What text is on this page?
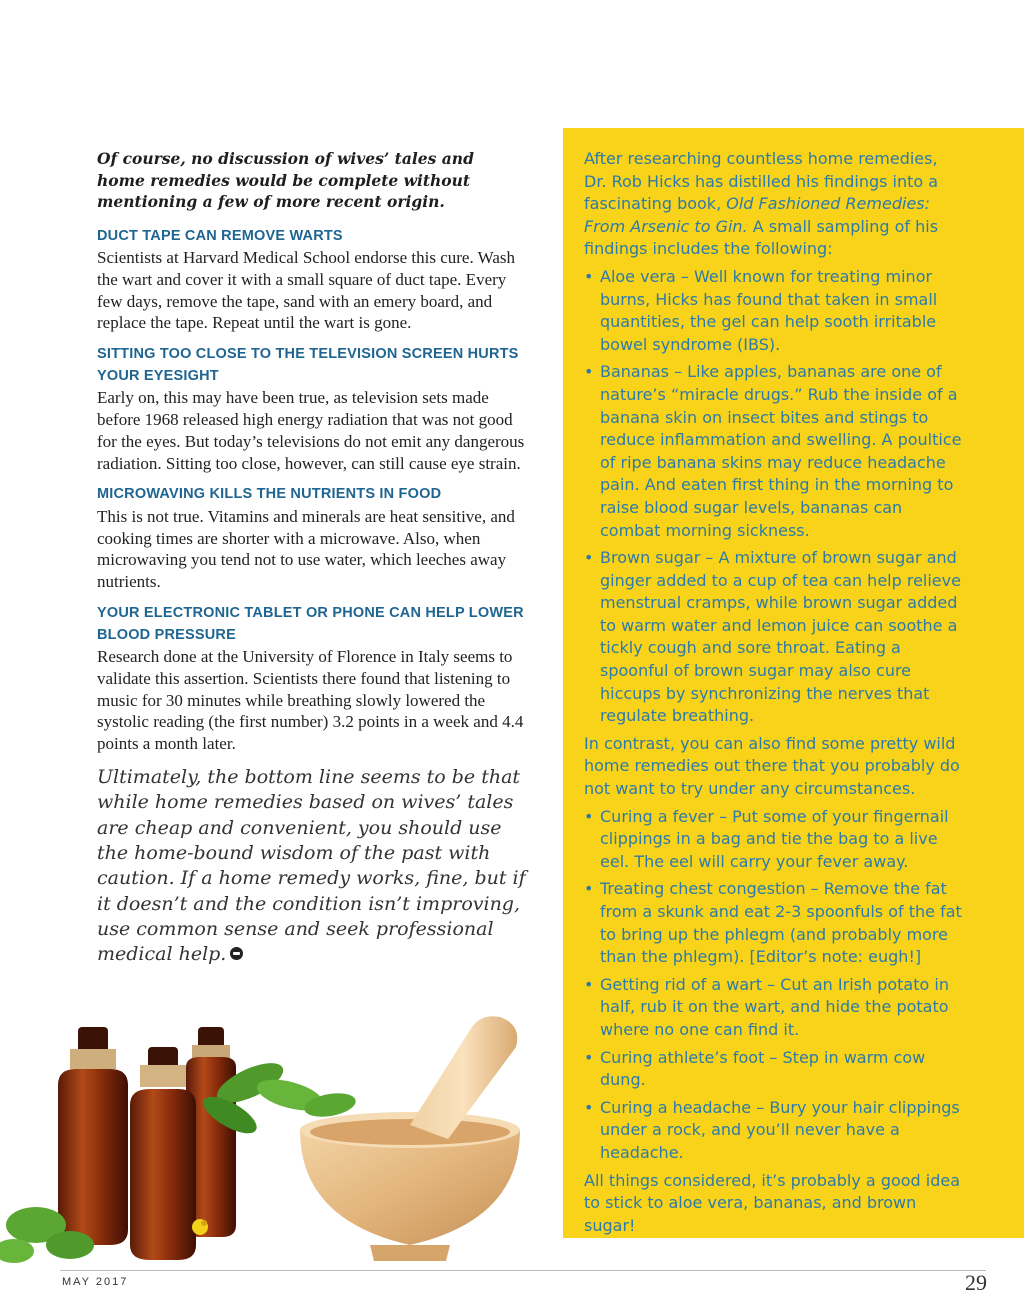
Of course, no discussion of wives’ tales and home remedies would be complete without mentioning a few of more recent origin.

DUCT TAPE CAN REMOVE WARTS

Scientists at Harvard Medical School endorse this cure. Wash the wart and cover it with a small square of duct tape. Every few days, remove the tape, sand with an emery board, and replace the tape. Repeat until the wart is gone.

SITTING TOO CLOSE TO THE TELEVISION SCREEN HURTS YOUR EYESIGHT

Early on, this may have been true, as television sets made before 1968 released high energy radiation that was not good for the eyes. But today’s televisions do not emit any dangerous radiation. Sitting too close, however, can still cause eye strain.

MICROWAVING KILLS THE NUTRIENTS IN FOOD

This is not true. Vitamins and minerals are heat sensitive, and cooking times are shorter with a microwave. Also, when microwaving you tend not to use water, which leeches away nutrients.

YOUR ELECTRONIC TABLET OR PHONE CAN HELP LOWER BLOOD PRESSURE

Research done at the University of Florence in Italy seems to validate this assertion. Scientists there found that listening to music for 30 minutes while breathing slowly lowered the systolic reading (the first number) 3.2 points in a week and 4.4 points a month later.

Ultimately, the bottom line seems to be that while home remedies based on wives’ tales are cheap and convenient, you should use the home-bound wisdom of the past with caution. If a home remedy works, fine, but if it doesn’t and the condition isn’t improving, use common sense and seek professional medical help.

After researching countless home remedies, Dr. Rob Hicks has distilled his findings into a fascinating book, Old Fashioned Remedies: From Arsenic to Gin. A small sampling of his findings includes the following:

• Aloe vera – Well known for treating minor burns, Hicks has found that taken in small quantities, the gel can help sooth irritable bowel syndrome (IBS).
• Bananas – Like apples, bananas are one of nature’s “miracle drugs.” Rub the inside of a banana skin on insect bites and stings to reduce inflammation and swelling. A poultice of ripe banana skins may reduce headache pain. And eaten first thing in the morning to raise blood sugar levels, bananas can combat morning sickness.
• Brown sugar – A mixture of brown sugar and ginger added to a cup of tea can help relieve menstrual cramps, while brown sugar added to warm water and lemon juice can soothe a tickly cough and sore throat. Eating a spoonful of brown sugar may also cure hiccups by synchronizing the nerves that regulate breathing.

In contrast, you can also find some pretty wild home remedies out there that you probably do not want to try under any circumstances.

• Curing a fever – Put some of your fingernail clippings in a bag and tie the bag to a live eel. The eel will carry your fever away.
• Treating chest congestion – Remove the fat from a skunk and eat 2-3 spoonfuls of the fat to bring up the phlegm (and probably more than the phlegm). [Editor’s note: eugh!]
• Getting rid of a wart – Cut an Irish potato in half, rub it on the wart, and hide the potato where no one can find it.
• Curing athlete’s foot – Step in warm cow dung.
• Curing a headache – Bury your hair clippings under a rock, and you’ll never have a headache.

All things considered, it’s probably a good idea to stick to aloe vera, bananas, and brown sugar!

MAY 2017	29
